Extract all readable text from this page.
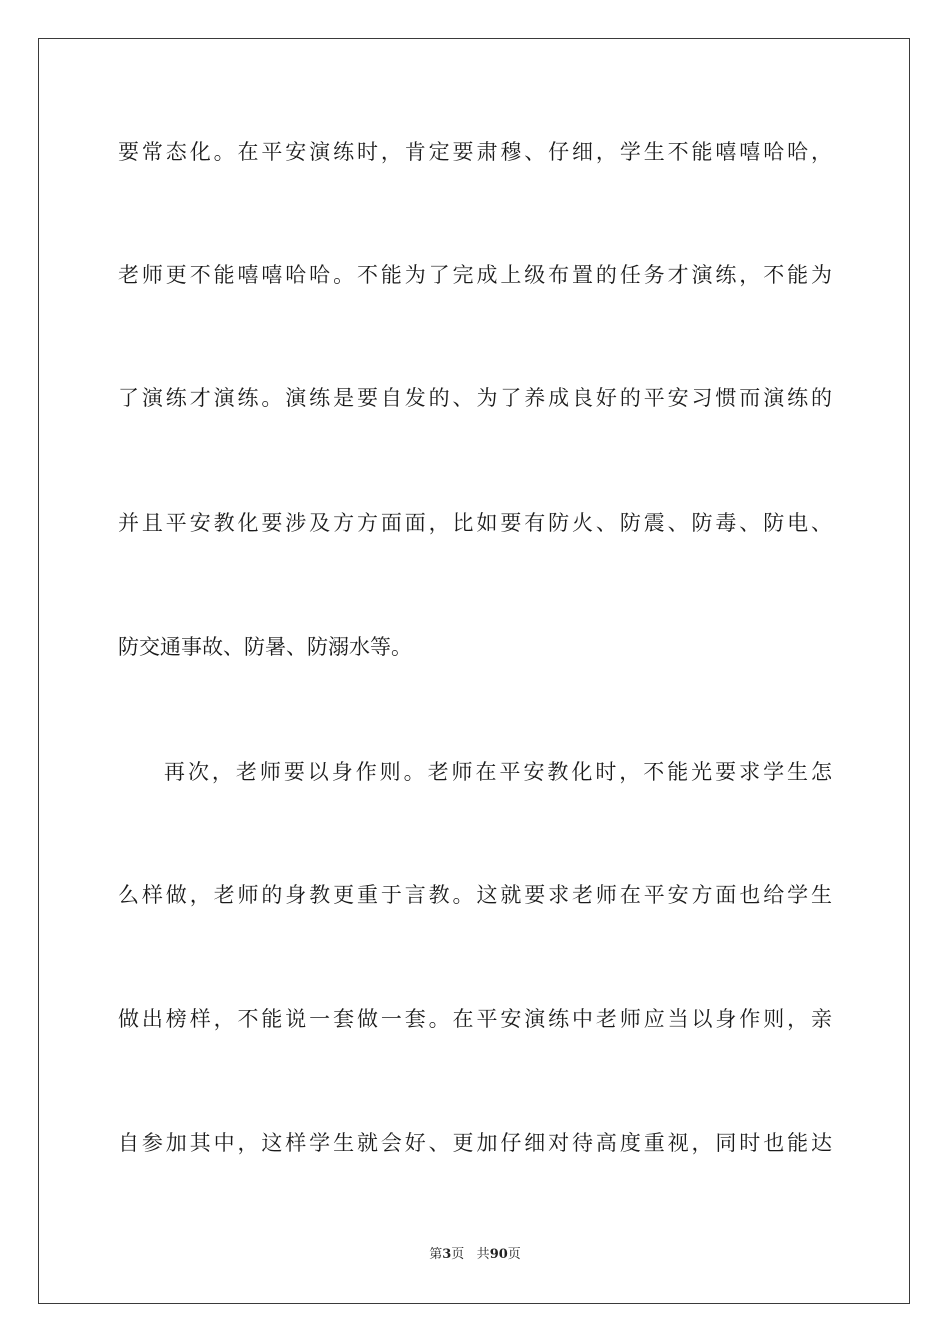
要常态化。在平安演练时，肯定要肃穆、仔细，学生不能嘻嘻哈哈，
老师更不能嘻嘻哈哈。不能为了完成上级布置的任务才演练，不能为
了演练才演练。演练是要自发的、为了养成良好的平安习惯而演练的
并且平安教化要涉及方方面面，比如要有防火、防震、防毒、防电、
防交通事故、防暑、防溺水等。
再次，老师要以身作则。老师在平安教化时，不能光要求学生怎
么样做，老师的身教更重于言教。这就要求老师在平安方面也给学生
做出榜样，不能说一套做一套。在平安演练中老师应当以身作则，亲
自参加其中，这样学生就会好、更加仔细对待高度重视，同时也能达
第3页 共90页
